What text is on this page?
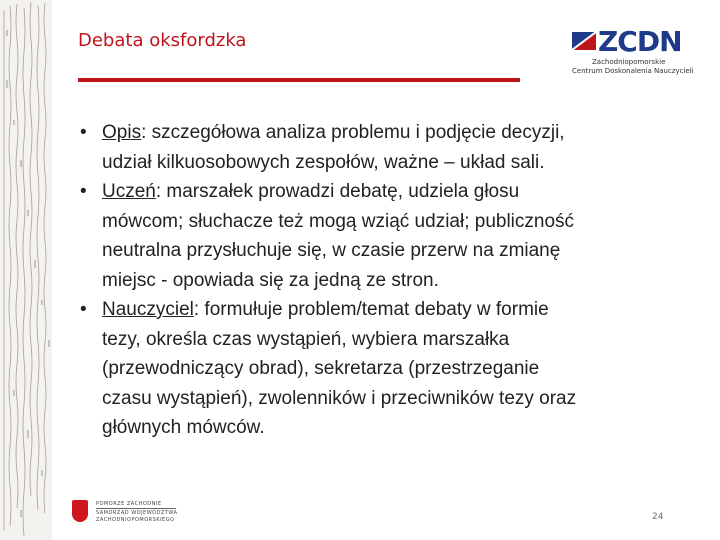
Debata oksfordzka	ZCDN
Zachodniopomorskie
Centrum Doskonalenia Nauczycieli
• Opis: szczegółowa analiza problemu i podjęcie decyzji,
udział kilkuosobowych zespołów, ważne – układ sali.
• Uczeń: marszałek prowadzi debatę, udziela głosu
mówcom; słuchacze też mogą wziąć udział; publiczność
neutralna przysłuchuje się, w czasie przerw na zmianę
miejsc - opowiada się za jedną ze stron.
• Nauczyciel: formułuje problem/temat debaty w formie
tezy, określa czas wystąpień, wybiera marszałka
(przewodniczący obrad), sekretarza (przestrzeganie
czasu wystąpień), zwolenników i przeciwników tezy oraz
głównych mówców.
POMORZE ZACHODNIE
SAMORZĄD WOJEWÓDZTWA
ZACHODNIOPOMORSKIEGO	24
